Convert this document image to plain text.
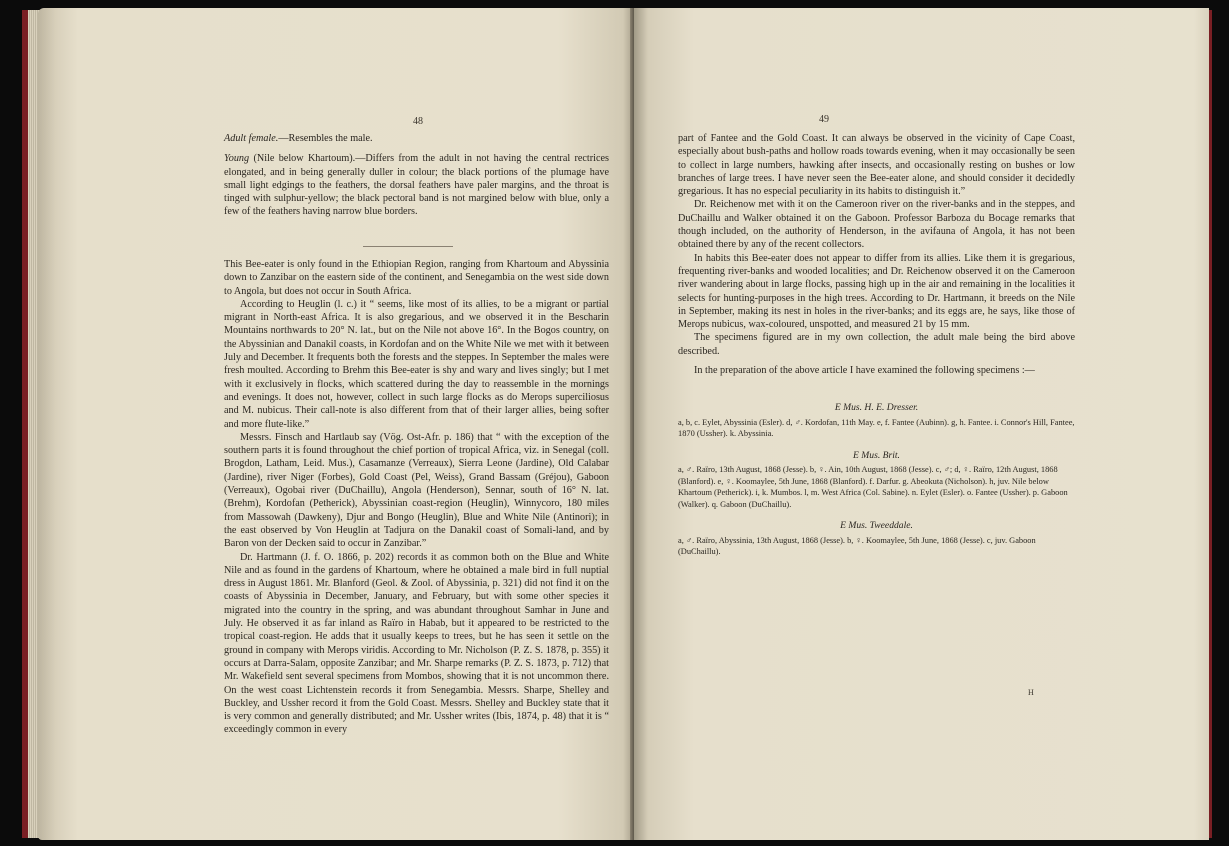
48

Adult female.—Resembles the male.

Young (Nile below Khartoum).—Differs from the adult in not having the central rectrices elongated, and in being generally duller in colour; the black portions of the plumage have small light edgings to the feathers, the dorsal feathers have paler margins, and the throat is tinged with sulphur-yellow; the black pectoral band is not margined below with blue, only a few of the feathers having narrow blue borders.

This Bee-eater is only found in the Ethiopian Region, ranging from Khartoum and Abyssinia down to Zanzibar on the eastern side of the continent, and Senegambia on the west side down to Angola, but does not occur in South Africa.

According to Heuglin (l. c.) it “ seems, like most of its allies, to be a migrant or partial migrant in North-east Africa. It is also gregarious, and we observed it in the Bescharin Mountains northwards to 20° N. lat., but on the Nile not above 16°. In the Bogos country, on the Abyssinian and Danakil coasts, in Kordofan and on the White Nile we met with it between July and December. It frequents both the forests and the steppes. In September the males were fresh moulted. According to Brehm this Bee-eater is shy and wary and lives singly; but I met with it exclusively in flocks, which scattered during the day to reassemble in the mornings and evenings. It does not, however, collect in such large flocks as do Merops superciliosus and M. nubicus. Their call-note is also different from that of their larger allies, being softer and more flute-like.”

Messrs. Finsch and Hartlaub say (Vög. Ost-Afr. p. 186) that “ with the exception of the southern parts it is found throughout the chief portion of tropical Africa, viz. in Senegal (coll. Brogdon, Latham, Leid. Mus.), Casamanze (Verreaux), Sierra Leone (Jardine), Old Calabar (Jardine), river Niger (Forbes), Gold Coast (Pel, Weiss), Grand Bassam (Gréjou), Gaboon (Verreaux), Ogobai river (DuChaillu), Angola (Henderson), Sennar, south of 16° N. lat. (Brehm), Kordofan (Petherick), Abyssinian coast-region (Heuglin), Winnycoro, 180 miles from Massowah (Dawkeny), Djur and Bongo (Heuglin), Blue and White Nile (Antinori); in the east observed by Von Heuglin at Tadjura on the Danakil coast of Somali-land, and by Baron von der Decken said to occur in Zanzibar.”

Dr. Hartmann (J. f. O. 1866, p. 202) records it as common both on the Blue and White Nile and as found in the gardens of Khartoum, where he obtained a male bird in full nuptial dress in August 1861. Mr. Blanford (Geol. & Zool. of Abyssinia, p. 321) did not find it on the coasts of Abyssinia in December, January, and February, but with some other species it migrated into the country in the spring, and was abundant throughout Samhar in June and July. He observed it as far inland as Raïro in Habab, but it appeared to be restricted to the tropical coast-region. He adds that it usually keeps to trees, but he has seen it settle on the ground in company with Merops viridis. According to Mr. Nicholson (P. Z. S. 1878, p. 355) it occurs at Darra-Salam, opposite Zanzibar; and Mr. Sharpe remarks (P. Z. S. 1873, p. 712) that Mr. Wakefield sent several specimens from Mombos, showing that it is not uncommon there. On the west coast Lichtenstein records it from Senegambia. Messrs. Sharpe, Shelley and Buckley, and Ussher record it from the Gold Coast. Messrs. Shelley and Buckley state that it is very common and generally distributed; and Mr. Ussher writes (Ibis, 1874, p. 48) that it is “ exceedingly common in every

49

part of Fantee and the Gold Coast. It can always be observed in the vicinity of Cape Coast, especially about bush-paths and hollow roads towards evening, when it may occasionally be seen to collect in large numbers, hawking after insects, and occasionally resting on bushes or low branches of large trees. I have never seen the Bee-eater alone, and should consider it decidedly gregarious. It has no especial peculiarity in its habits to distinguish it.”

Dr. Reichenow met with it on the Cameroon river on the river-banks and in the steppes, and DuChaillu and Walker obtained it on the Gaboon. Professor Barboza du Bocage remarks that though included, on the authority of Henderson, in the avifauna of Angola, it has not been obtained there by any of the recent collectors.

In habits this Bee-eater does not appear to differ from its allies. Like them it is gregarious, frequenting river-banks and wooded localities; and Dr. Reichenow observed it on the Cameroon river wandering about in large flocks, passing high up in the air and remaining in the localities it selects for hunting-purposes in the high trees. According to Dr. Hartmann, it breeds on the Nile in September, making its nest in holes in the river-banks; and its eggs are, he says, like those of Merops nubicus, wax-coloured, unspotted, and measured 21 by 15 mm.

The specimens figured are in my own collection, the adult male being the bird above described.

In the preparation of the above article I have examined the following specimens :—

E Mus. H. E. Dresser.
a, b, c. Eylet, Abyssinia (Esler). d, ♂. Kordofan, 11th May. e, f. Fantee (Aubinn). g, h. Fantee. i. Connor's Hill, Fantee, 1870 (Ussher). k. Abyssinia.
E Mus. Brit.
a, ♂. Raïro, 13th August, 1868 (Jesse). b, ♀. Ain, 10th August, 1868 (Jesse). c, ♂; d, ♀. Raïro, 12th August, 1868 (Blanford). e, ♀. Koomaylee, 5th June, 1868 (Blanford). f. Darfur. g. Abeokuta (Nicholson). h, juv. Nile below Khartoum (Petherick). i, k. Mumbos. l, m. West Africa (Col. Sabine). n. Eylet (Esler). o. Fantee (Ussher). p. Gaboon (Walker). q. Gaboon (DuChaillu).
E Mus. Tweeddale.
a, ♂. Raïro, Abyssinia, 13th August, 1868 (Jesse). b, ♀. Koomaylee, 5th June, 1868 (Jesse). c, juv. Gaboon (DuChaillu).
H
